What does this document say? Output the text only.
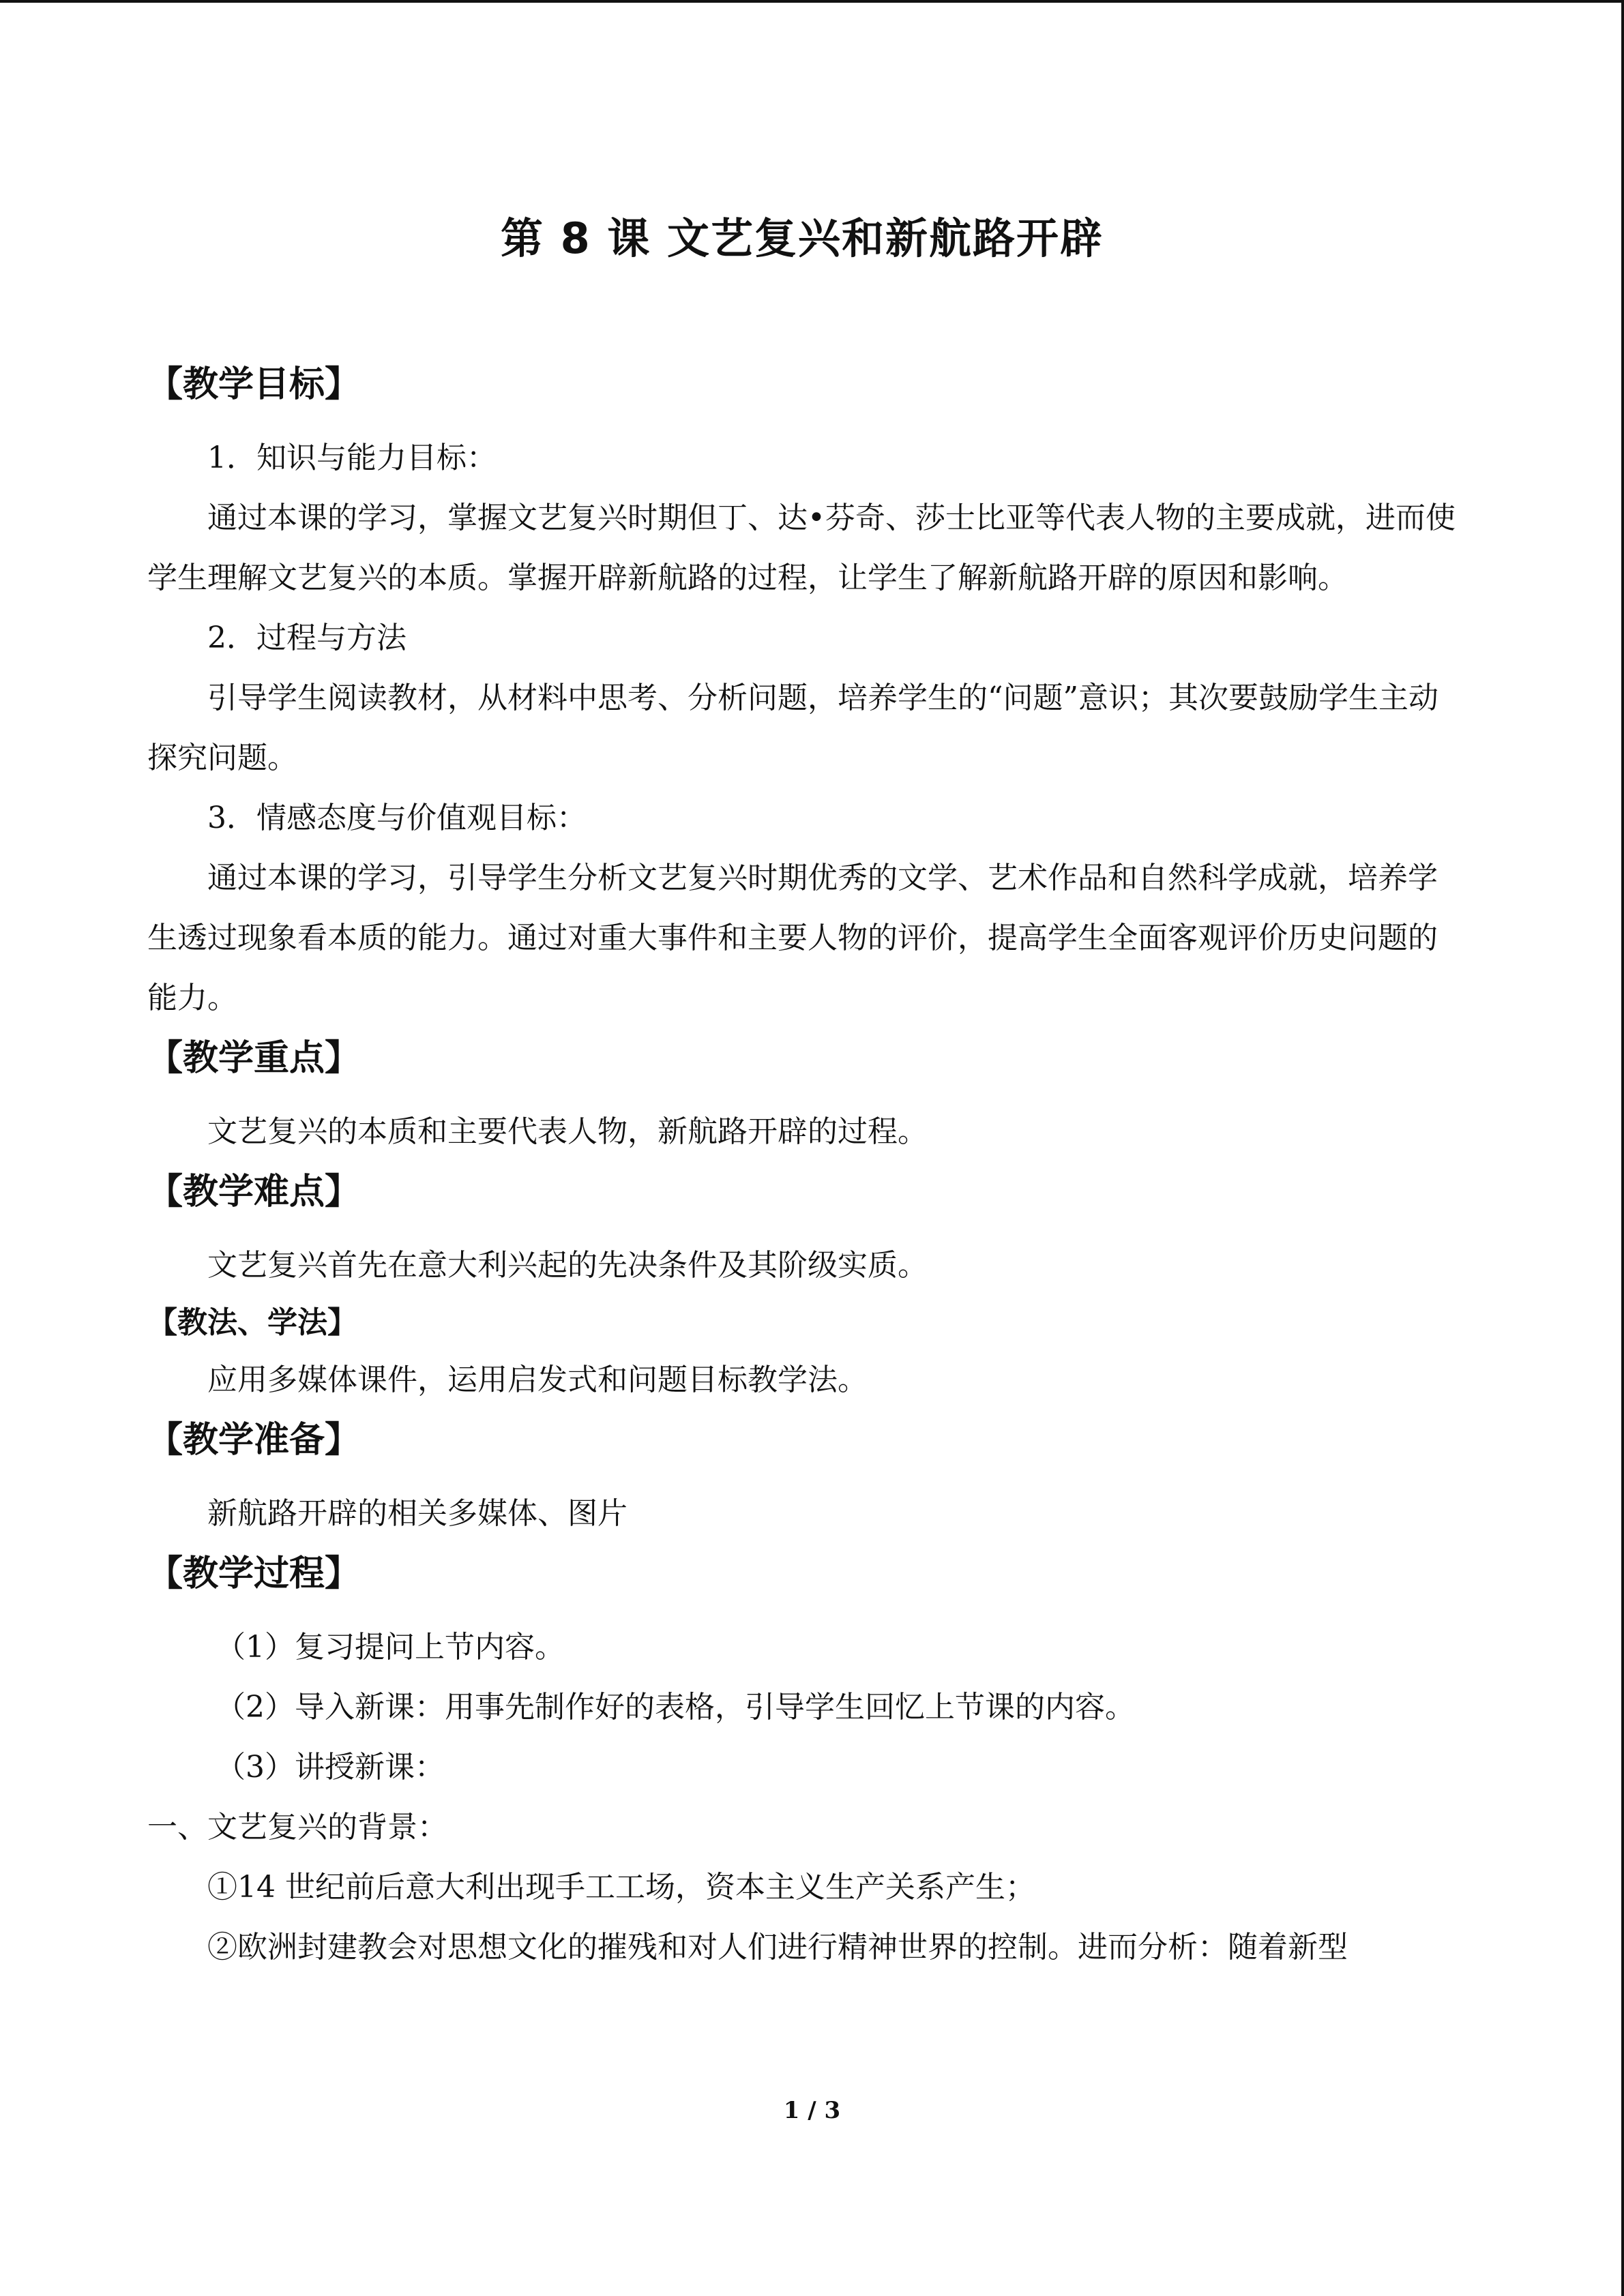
第 8 课 文艺复兴和新航路开辟

【教学目标】

1．知识与能力目标：

通过本课的学习，掌握文艺复兴时期但丁、达•芬奇、莎士比亚等代表人物的主要成就，进而使学生理解文艺复兴的本质。掌握开辟新航路的过程，让学生了解新航路开辟的原因和影响。

2．过程与方法

引导学生阅读教材，从材料中思考、分析问题，培养学生的“问题”意识；其次要鼓励学生主动探究问题。

3．情感态度与价值观目标：

通过本课的学习，引导学生分析文艺复兴时期优秀的文学、艺术作品和自然科学成就，培养学生透过现象看本质的能力。通过对重大事件和主要人物的评价，提高学生全面客观评价历史问题的能力。

【教学重点】

文艺复兴的本质和主要代表人物，新航路开辟的过程。

【教学难点】

文艺复兴首先在意大利兴起的先决条件及其阶级实质。

【教法、学法】

应用多媒体课件，运用启发式和问题目标教学法。

【教学准备】

新航路开辟的相关多媒体、图片

【教学过程】

（1）复习提问上节内容。

（2）导入新课：用事先制作好的表格，引导学生回忆上节课的内容。

（3）讲授新课：

一、文艺复兴的背景：

①14 世纪前后意大利出现手工工场，资本主义生产关系产生；

②欧洲封建教会对思想文化的摧残和对人们进行精神世界的控制。进而分析：随着新型

1 / 3
